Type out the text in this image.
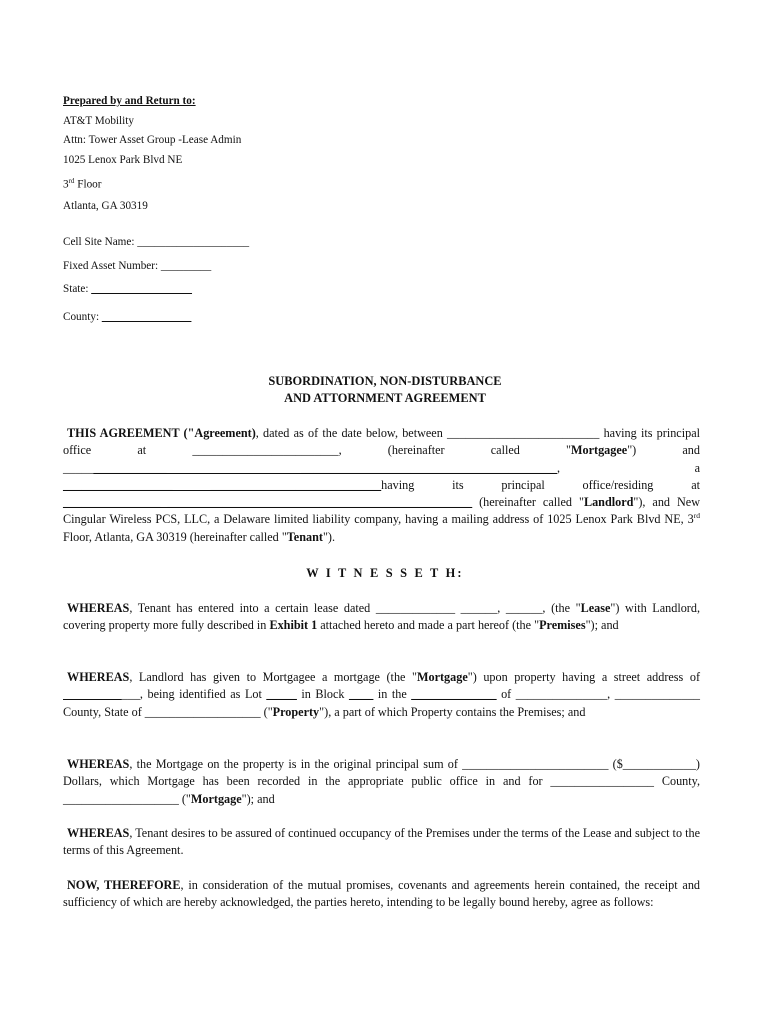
Prepared by and Return to:
AT&T Mobility
Attn: Tower Asset Group -Lease Admin
1025 Lenox Park Blvd NE
3rd Floor
Atlanta, GA 30319
Cell Site Name: ____________________
Fixed Asset Number: _________
State: __________________
County: ________________
SUBORDINATION, NON-DISTURBANCE
AND ATTORNMENT AGREEMENT

THIS AGREEMENT ("Agreement), dated as of the date below, between _________________________ having its principal office at ________________________, (hereinafter called "Mortgagee") and _________________ __________________________________________, a __________________ ____________________________having its principal office/residing at ________________ __________________________________________________ (hereinafter called "Landlord"), and New Cingular Wireless PCS, LLC, a Delaware limited liability company, having a mailing address of 1025 Lenox Park Blvd NE, 3rd Floor, Atlanta, GA 30319 (hereinafter called "Tenant").

W I T N E S S E T H:

WHEREAS, Tenant has entered into a certain lease dated _____________ ______, ______, (the "Lease") with Landlord, covering property more fully described in Exhibit 1 attached hereto and made a part hereof (the "Premises"); and

WHEREAS, Landlord has given to Mortgagee a mortgage (the "Mortgage") upon property having a street address of              ___, being identified as Lot _____ in Block ____ in the ______________ of _______________, ______________ County, State of ___________________ ("Property"), a part of which Property contains the Premises; and

WHEREAS, the Mortgage on the property is in the original principal sum of ________________________ ($____________) Dollars, which Mortgage has been recorded in the appropriate public office in and for _________________ County, ___________________ ("Mortgage"); and

WHEREAS, Tenant desires to be assured of continued occupancy of the Premises under the terms of the Lease and subject to the terms of this Agreement.

NOW, THEREFORE, in consideration of the mutual promises, covenants and agreements herein contained, the receipt and sufficiency of which are hereby acknowledged, the parties hereto, intending to be legally bound hereby, agree as follows:
